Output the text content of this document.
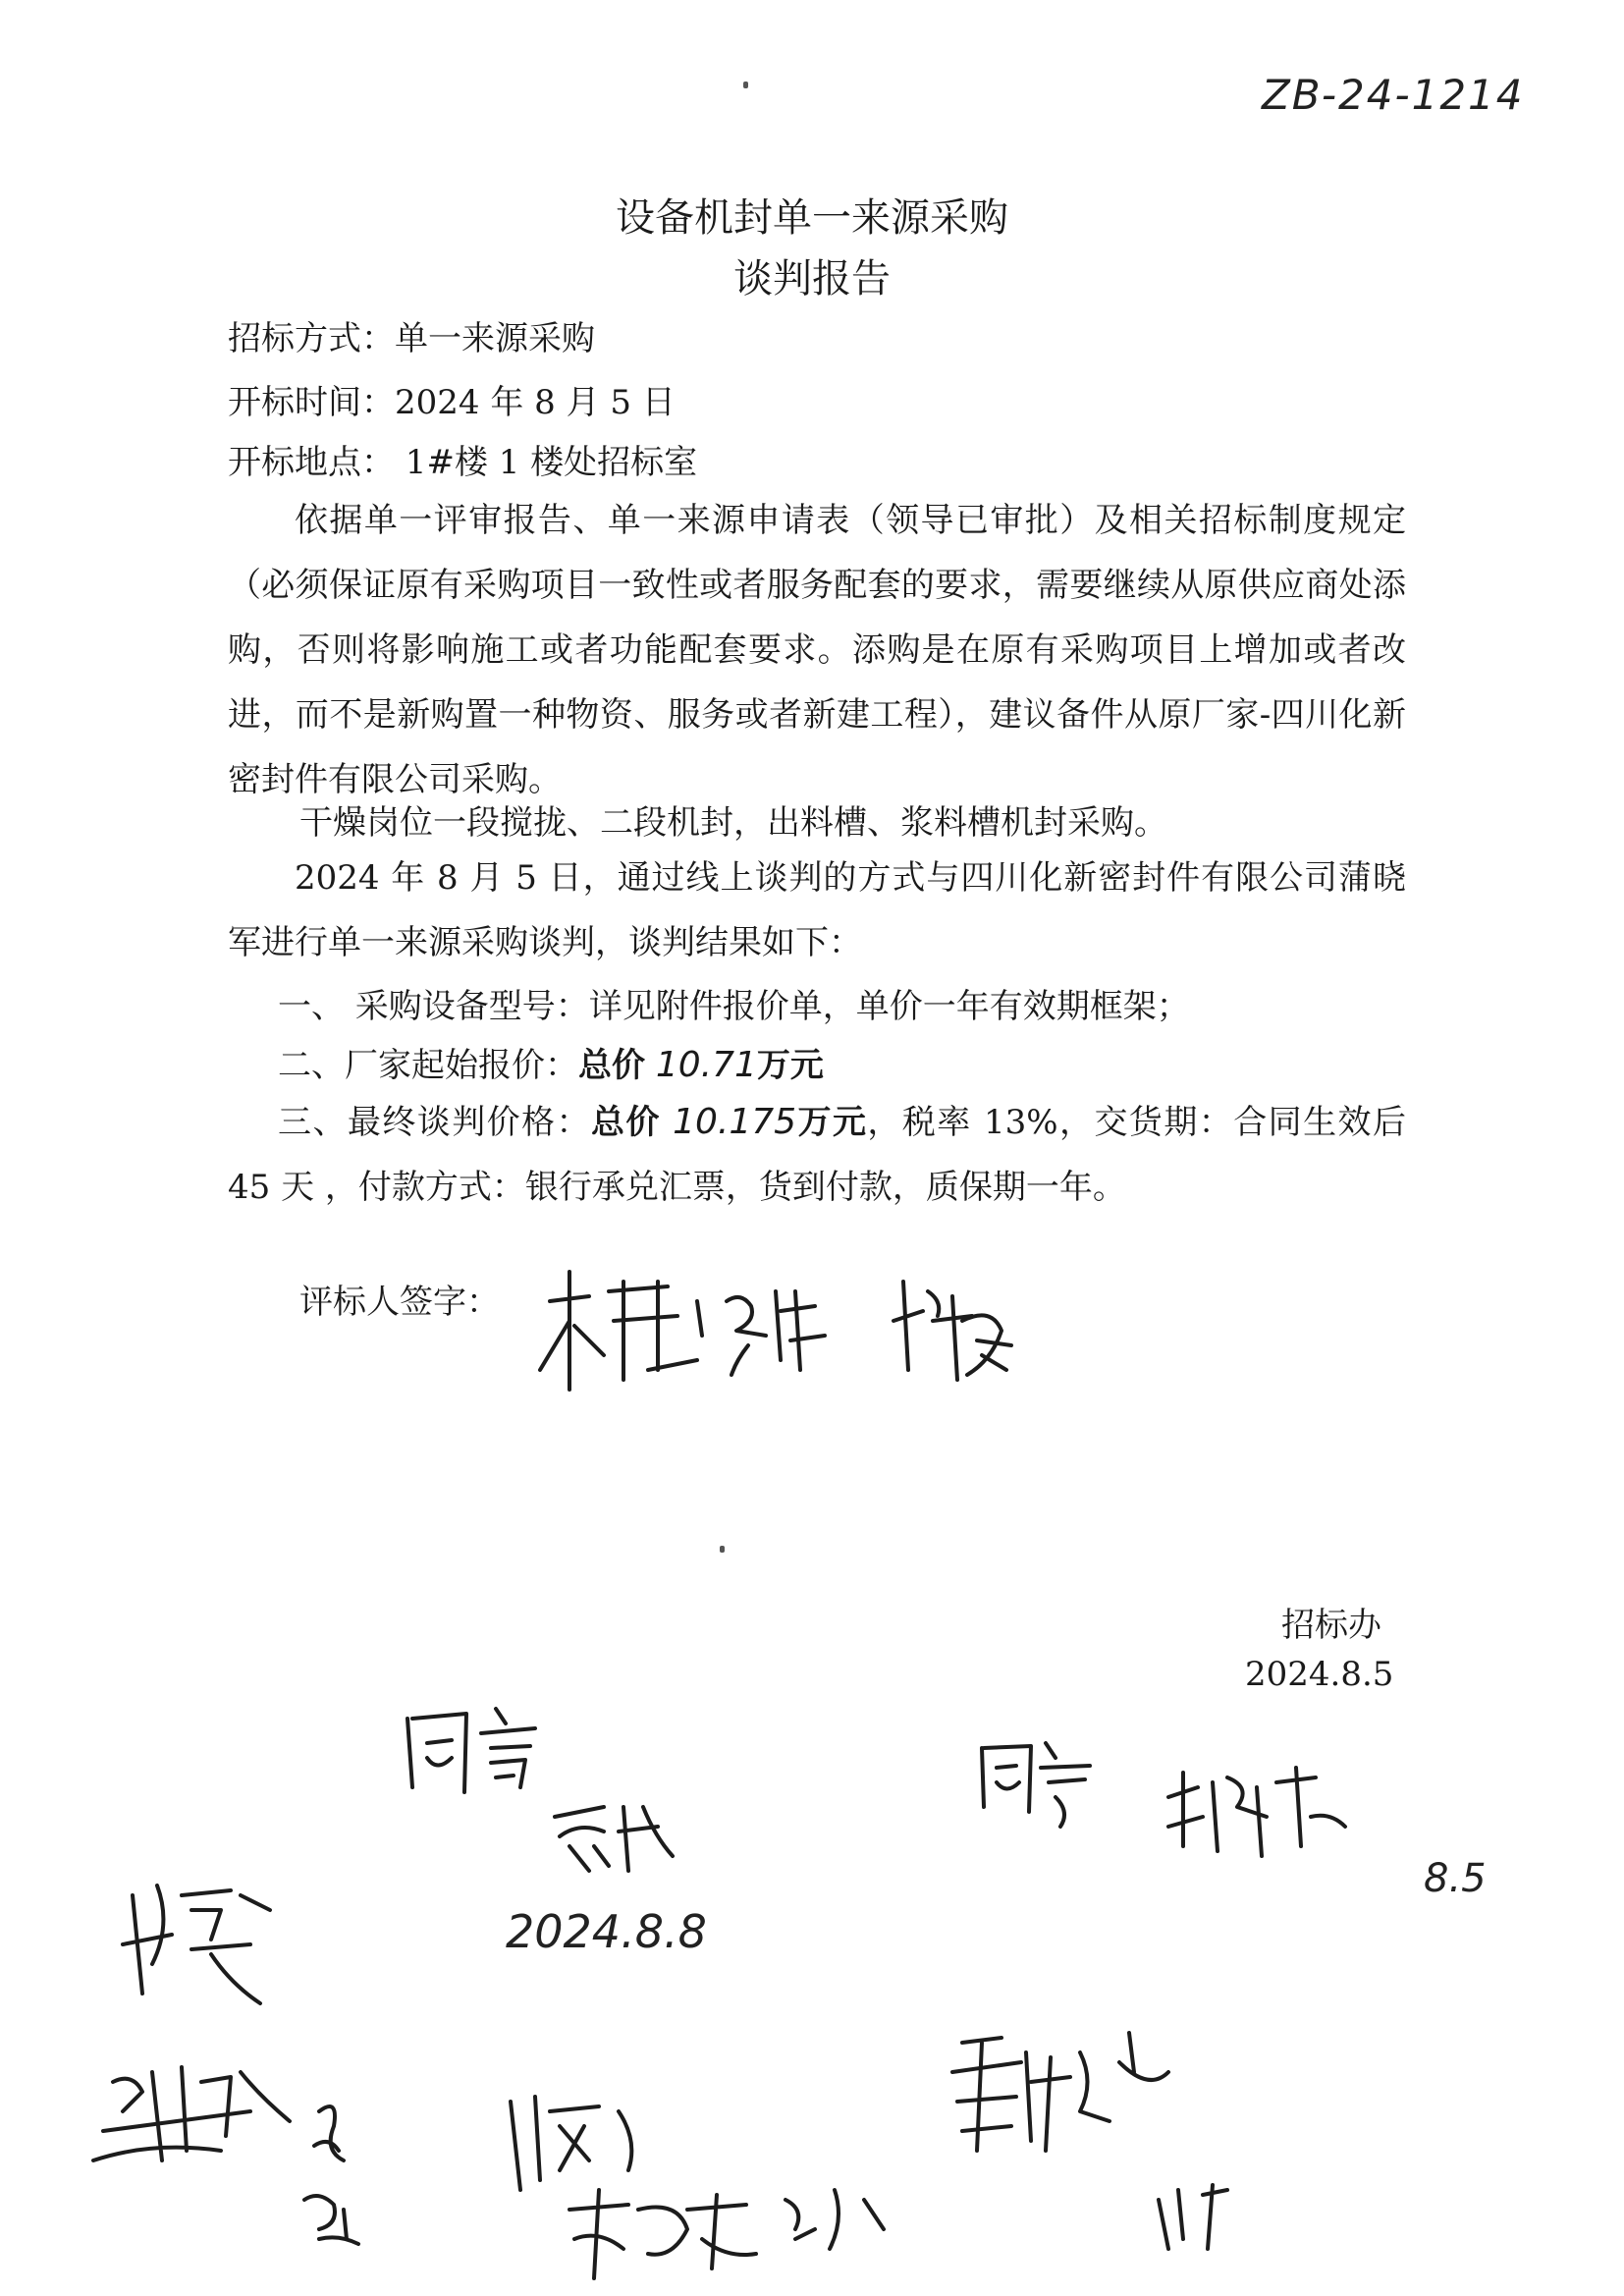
ZB-24-1214
设备机封单一来源采购
谈判报告
招标方式：单一来源采购
开标时间：2024 年 8 月 5 日
开标地点： 1#楼 1 楼处招标室
依据单一评审报告、单一来源申请表（领导已审批）及相关招标制度规定（必须保证原有采购项目一致性或者服务配套的要求，需要继续从原供应商处添购，否则将影响施工或者功能配套要求。添购是在原有采购项目上增加或者改进，而不是新购置一种物资、服务或者新建工程），建议备件从原厂家-四川化新密封件有限公司采购。
干燥岗位一段搅拢、二段机封，出料槽、浆料槽机封采购。
2024 年 8 月 5 日，通过线上谈判的方式与四川化新密封件有限公司蒲晓军进行单一来源采购谈判，谈判结果如下：
一、 采购设备型号：详见附件报价单，单价一年有效期框架；
二、厂家起始报价：总价 10.71万元
三、最终谈判价格：总价 10.175万元，税率 13%，交货期：合同生效后 45 天 ，付款方式：银行承兑汇票，货到付款，质保期一年。
评标人签字：
招标办
2024.8.5
2024.8.8
8.5
